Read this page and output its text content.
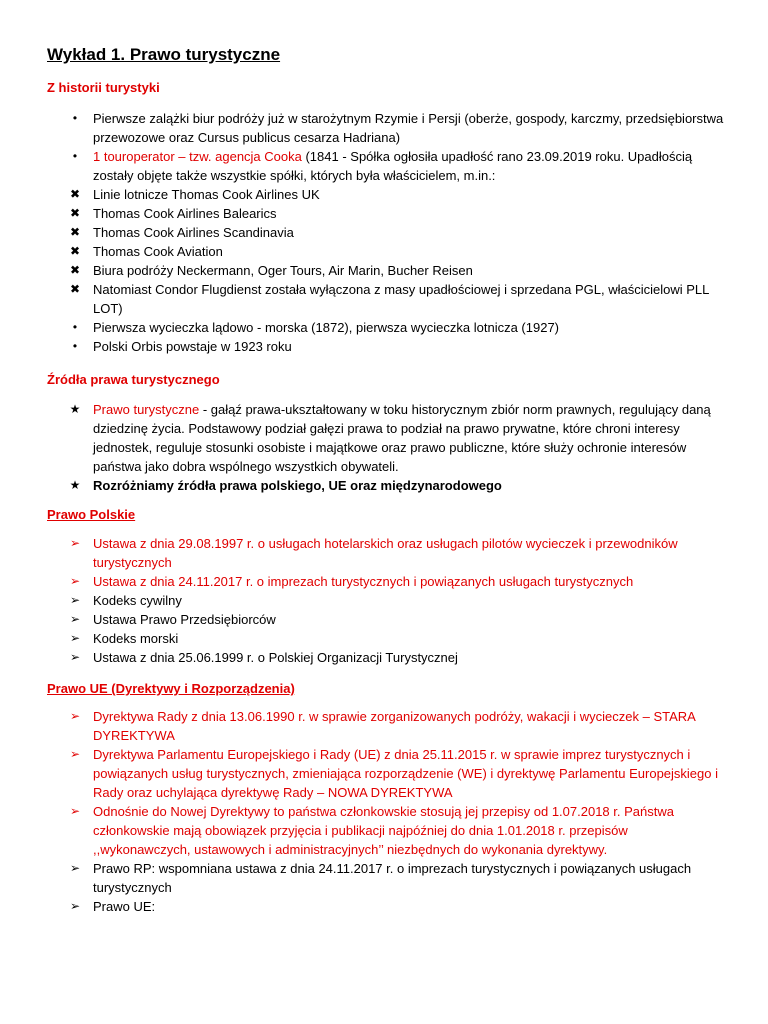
Wykład 1. Prawo turystyczne

Z historii turystyki

•	Pierwsze zalążki biur podróży już w starożytnym Rzymie i Persji (oberże, gospody, karczmy, przedsiębiorstwa przewozowe oraz Cursus publicus cesarza Hadriana)
•	1 touroperator – tzw. agencja Cooka (1841 - Spółka ogłosiła upadłość rano 23.09.2019 roku. Upadłością zostały objęte także wszystkie spółki, których była właścicielem, m.in.:
✖ Linie lotnicze Thomas Cook Airlines UK
✖ Thomas Cook Airlines Balearics
✖ Thomas Cook Airlines Scandinavia
✖ Thomas Cook Aviation
✖ Biura podróży Neckermann, Oger Tours, Air Marin, Bucher Reisen
✖ Natomiast Condor Flugdienst została wyłączona z masy upadłościowej i sprzedana PGL, właścicielowi PLL LOT)
•	Pierwsza wycieczka lądowo - morska (1872), pierwsza wycieczka lotnicza (1927)
•	Polski Orbis powstaje w 1923 roku

Źródła prawa turystycznego

★ Prawo turystyczne - gałąź prawa-ukształtowany w toku historycznym zbiór norm prawnych, regulujący daną dziedzinę życia. Podstawowy podział gałęzi prawa to podział na prawo prywatne, które chroni interesy jednostek, reguluje stosunki osobiste i majątkowe oraz prawo publiczne, które służy ochronie interesów państwa jako dobra wspólnego wszystkich obywateli.
★ Rozróżniamy źródła prawa polskiego, UE oraz międzynarodowego

Prawo Polskie

➢ Ustawa z dnia 29.08.1997 r. o usługach hotelarskich oraz usługach pilotów wycieczek i przewodników turystycznych
➢ Ustawa z dnia 24.11.2017 r. o imprezach turystycznych i powiązanych usługach turystycznych
➢ Kodeks cywilny
➢ Ustawa Prawo Przedsiębiorców
➢ Kodeks morski
➢ Ustawa z dnia 25.06.1999 r. o Polskiej Organizacji Turystycznej

Prawo UE (Dyrektywy i Rozporządzenia)

➢ Dyrektywa Rady z dnia 13.06.1990 r. w sprawie zorganizowanych podróży, wakacji i wycieczek – STARA DYREKTYWA
➢ Dyrektywa Parlamentu Europejskiego i Rady (UE) z dnia 25.11.2015 r. w sprawie imprez turystycznych i powiązanych usług turystycznych, zmieniająca rozporządzenie (WE) i dyrektywę Parlamentu Europejskiego i Rady oraz uchylająca dyrektywę Rady – NOWA DYREKTYWA
➢ Odnośnie do Nowej Dyrektywy to państwa członkowskie stosują jej przepisy od 1.07.2018 r. Państwa członkowskie mają obowiązek przyjęcia i publikacji najpóźniej do dnia 1.01.2018 r. przepisów ,,wykonawczych, ustawowych i administracyjnych’’ niezbędnych do wykonania dyrektywy.
➢ Prawo RP: wspomniana ustawa z dnia 24.11.2017 r. o imprezach turystycznych i powiązanych usługach turystycznych
➢ Prawo UE:
